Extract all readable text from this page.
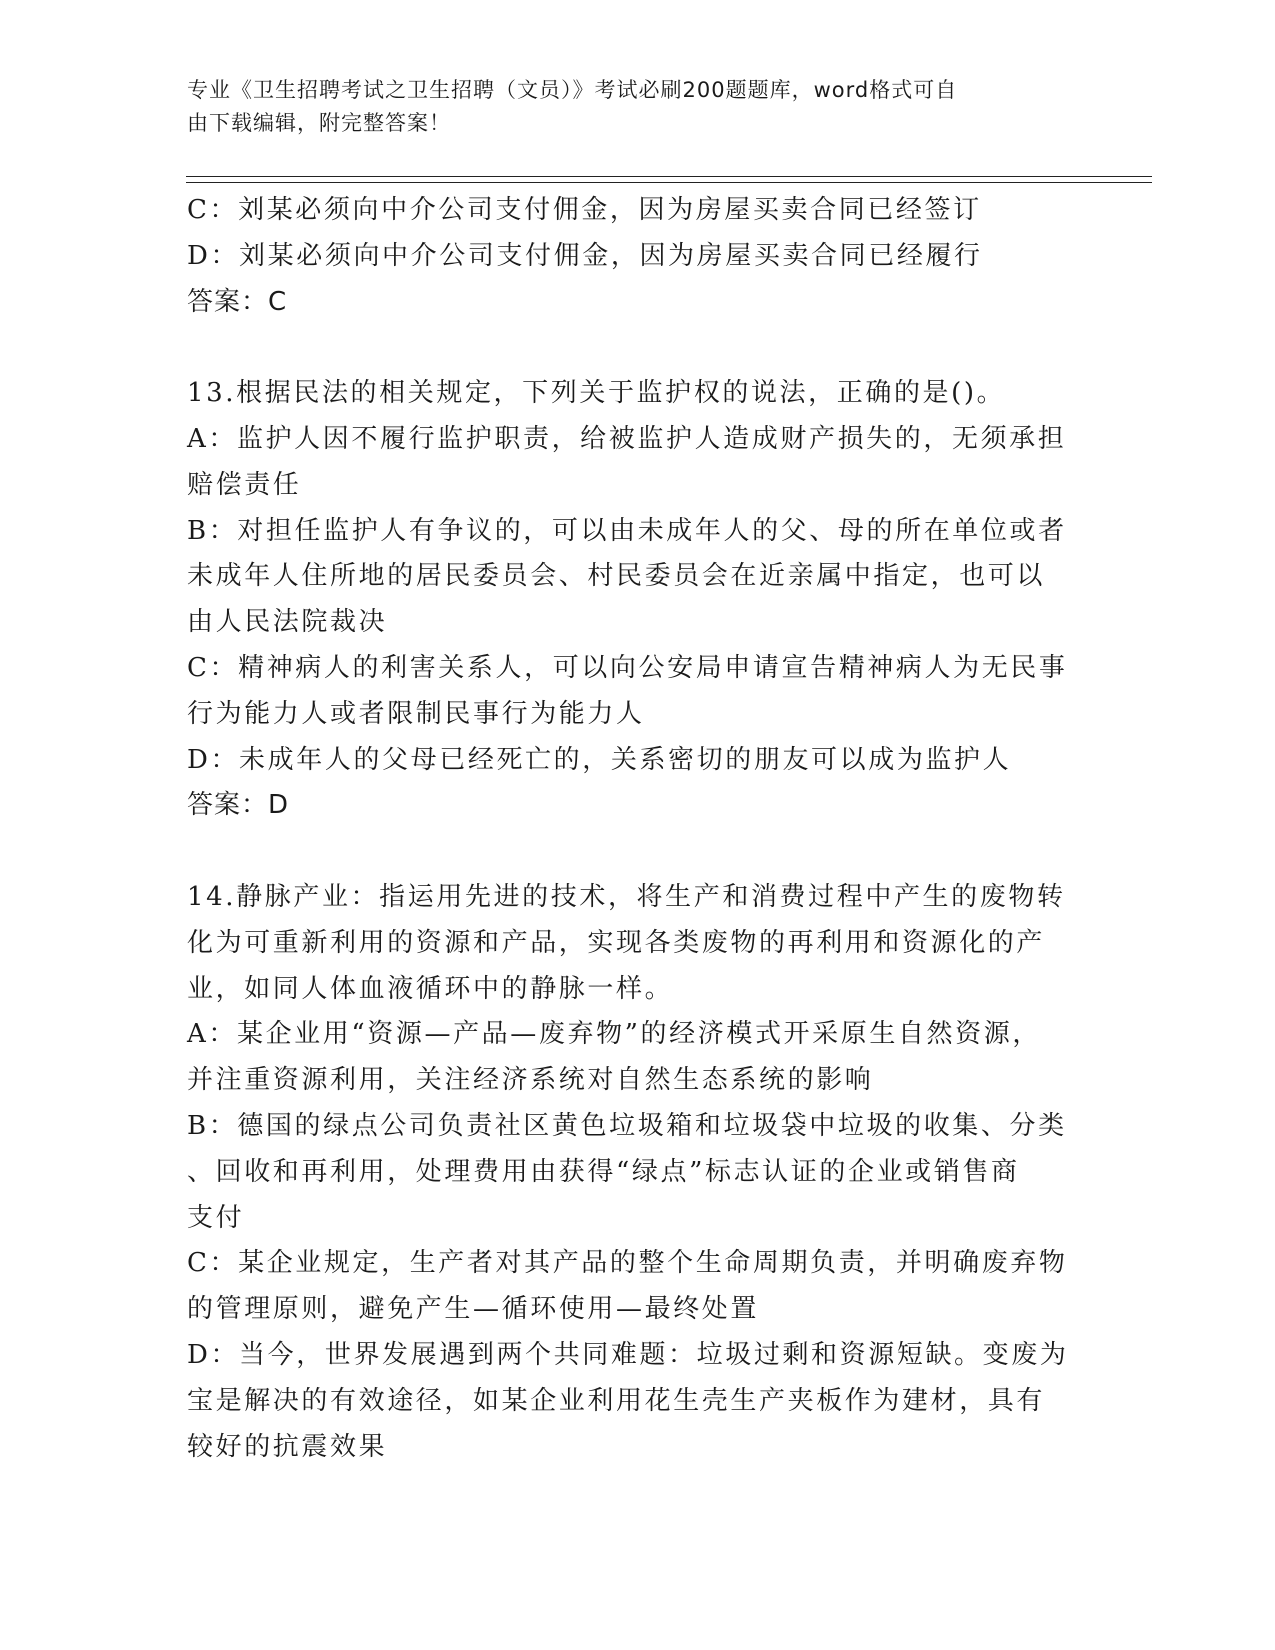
专业《卫生招聘考试之卫生招聘（文员）》考试必刷200题题库，word格式可自
由下载编辑，附完整答案！
C：刘某必须向中介公司支付佣金，因为房屋买卖合同已经签订
D：刘某必须向中介公司支付佣金，因为房屋买卖合同已经履行
答案：C
13.根据民法的相关规定，下列关于监护权的说法，正确的是()。
A：监护人因不履行监护职责，给被监护人造成财产损失的，无须承担
赔偿责任
B：对担任监护人有争议的，可以由未成年人的父、母的所在单位或者
未成年人住所地的居民委员会、村民委员会在近亲属中指定，也可以
由人民法院裁决
C：精神病人的利害关系人，可以向公安局申请宣告精神病人为无民事
行为能力人或者限制民事行为能力人
D：未成年人的父母已经死亡的，关系密切的朋友可以成为监护人
答案：D
14.静脉产业：指运用先进的技术，将生产和消费过程中产生的废物转
化为可重新利用的资源和产品，实现各类废物的再利用和资源化的产
业，如同人体血液循环中的静脉一样。
A：某企业用“资源—产品—废弃物”的经济模式开采原生自然资源，
并注重资源利用，关注经济系统对自然生态系统的影响
B：德国的绿点公司负责社区黄色垃圾箱和垃圾袋中垃圾的收集、分类
、回收和再利用，处理费用由获得“绿点”标志认证的企业或销售商
支付
C：某企业规定，生产者对其产品的整个生命周期负责，并明确废弃物
的管理原则，避免产生—循环使用—最终处置
D：当今，世界发展遇到两个共同难题：垃圾过剩和资源短缺。变废为
宝是解决的有效途径，如某企业利用花生壳生产夹板作为建材，具有
较好的抗震效果
